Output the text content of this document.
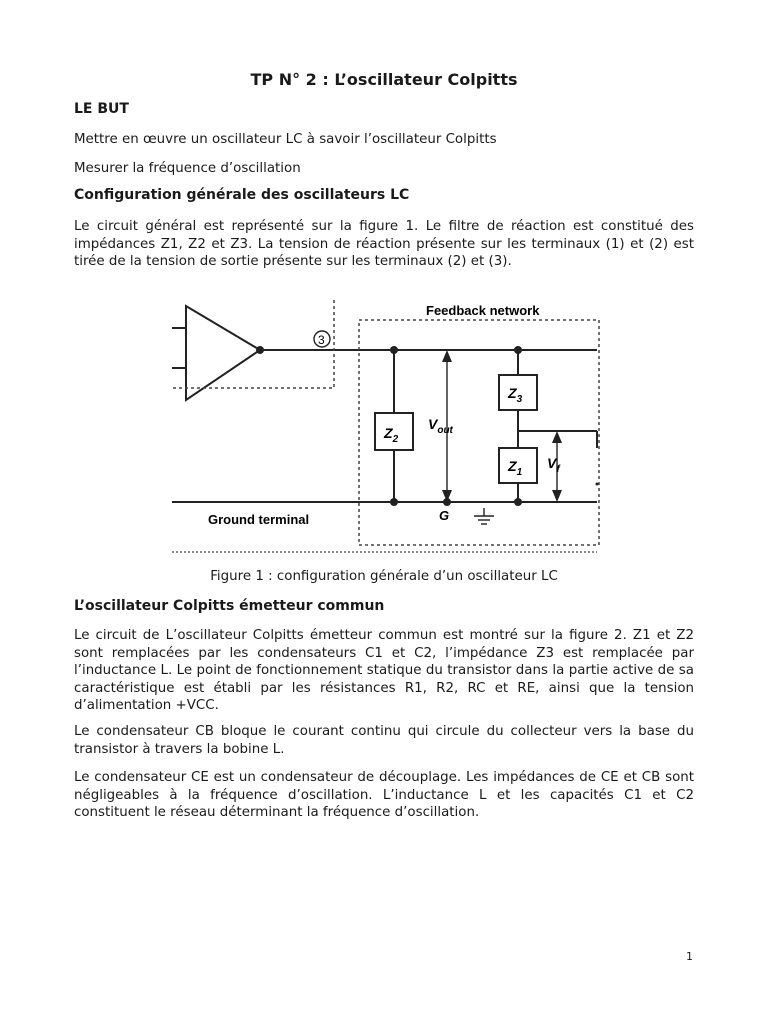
TP N° 2 : L’oscillateur Colpitts
LE BUT
Mettre en œuvre un oscillateur LC à savoir l’oscillateur Colpitts
Mesurer la fréquence d’oscillation
Configuration générale des oscillateurs LC
Le circuit général est représenté sur la figure 1. Le filtre de réaction est constitué des impédances Z1, Z2 et Z3. La tension de réaction présente sur les terminaux (1) et (2) est tirée de la tension de sortie présente sur les terminaux (2) et (3).
3
Feedback network
Ground terminal
$Z_2$
$Z_3$
$Z_1$
$V_{out}$
$V_f$
G
Figure 1 : configuration générale d’un oscillateur LC
L’oscillateur Colpitts émetteur commun
Le circuit de L’oscillateur Colpitts émetteur commun est montré sur la figure 2. Z1 et Z2 sont remplacées par les condensateurs C1 et C2, l’impédance Z3 est remplacée par l’inductance L. Le point de fonctionnement statique du transistor dans la partie active de sa caractéristique est établi par les résistances R1, R2, RC et RE, ainsi que la tension d’alimentation +VCC.
Le condensateur CB bloque le courant continu qui circule du collecteur vers la base du transistor à travers la bobine L.
Le condensateur CE est un condensateur de découplage. Les impédances de CE et CB sont négligeables à la fréquence d’oscillation. L’inductance L et les capacités C1 et C2 constituent le réseau déterminant la fréquence d’oscillation.
1
